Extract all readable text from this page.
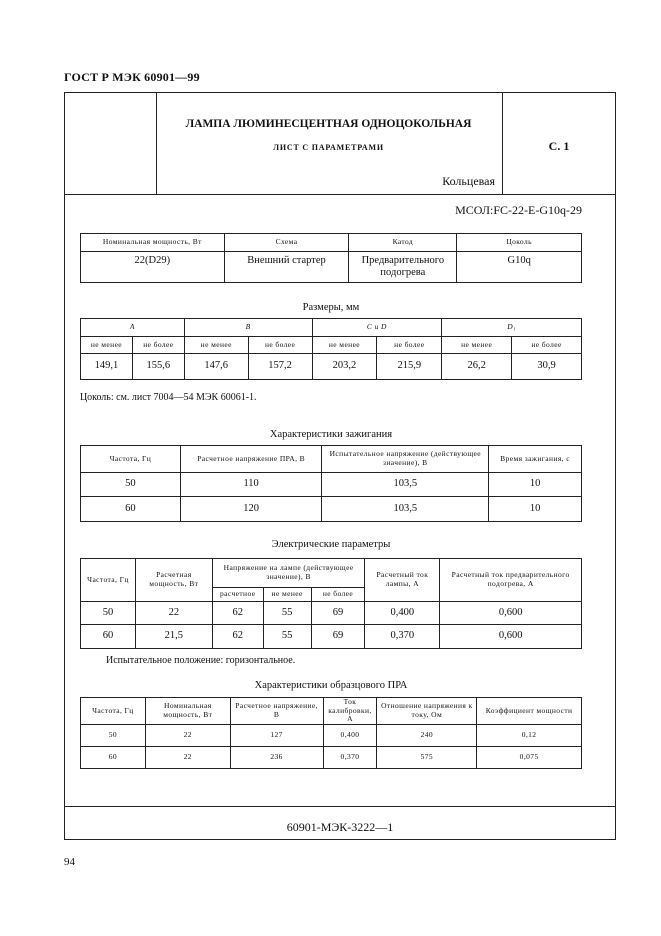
ГОСТ Р МЭК 60901—99
ЛАМПА ЛЮМИНЕСЦЕНТНАЯ ОДНОЦОКОЛЬНАЯ
ЛИСТ С ПАРАМЕТРАМИ
Кольцевая
С. 1
МСОЛ:FC-22-E-G10q-29
Номинальная мощность, Вт	Схема	Катод	Цоколь
22(D29)	Внешний стартер	Предварительного подогрева	G10q
Размеры, мм
A		B		C и D		D₁	
не менее	не более	не менее	не более	не менее	не более	не менее	не более
149,1	155,6	147,6	157,2	203,2	215,9	26,2	30,9
Цоколь: см. лист 7004—54 МЭК 60061-1.
Характеристики зажигания
Частота, Гц	Расчетное напряжение ПРА, В	Испытательное напряжение (действующее значение), В	Время зажигания, с
50	110	103,5	10
60	120	103,5	10
Электрические параметры
Частота, Гц	Расчетная мощность, Вт	Напряжение на лампе (действующее значение), В			Расчетный ток лампы, А	Расчетный ток предварительного подогрева, А
		расчетное	не менее	не более		
50	22	62	55	69	0,400	0,600
60	21,5	62	55	69	0,370	0,600
Испытательное положение: горизонтальное.
Характеристики образцового ПРА
Частота, Гц	Номинальная мощность, Вт	Расчетное напряжение, В	Ток калибровки, А	Отношение напряжения к току, Ом	Коэффициент мощности
50	22	127	0,400	240	0,12
60	22	236	0,370	575	0,075
60901-МЭК-3222—1
94
